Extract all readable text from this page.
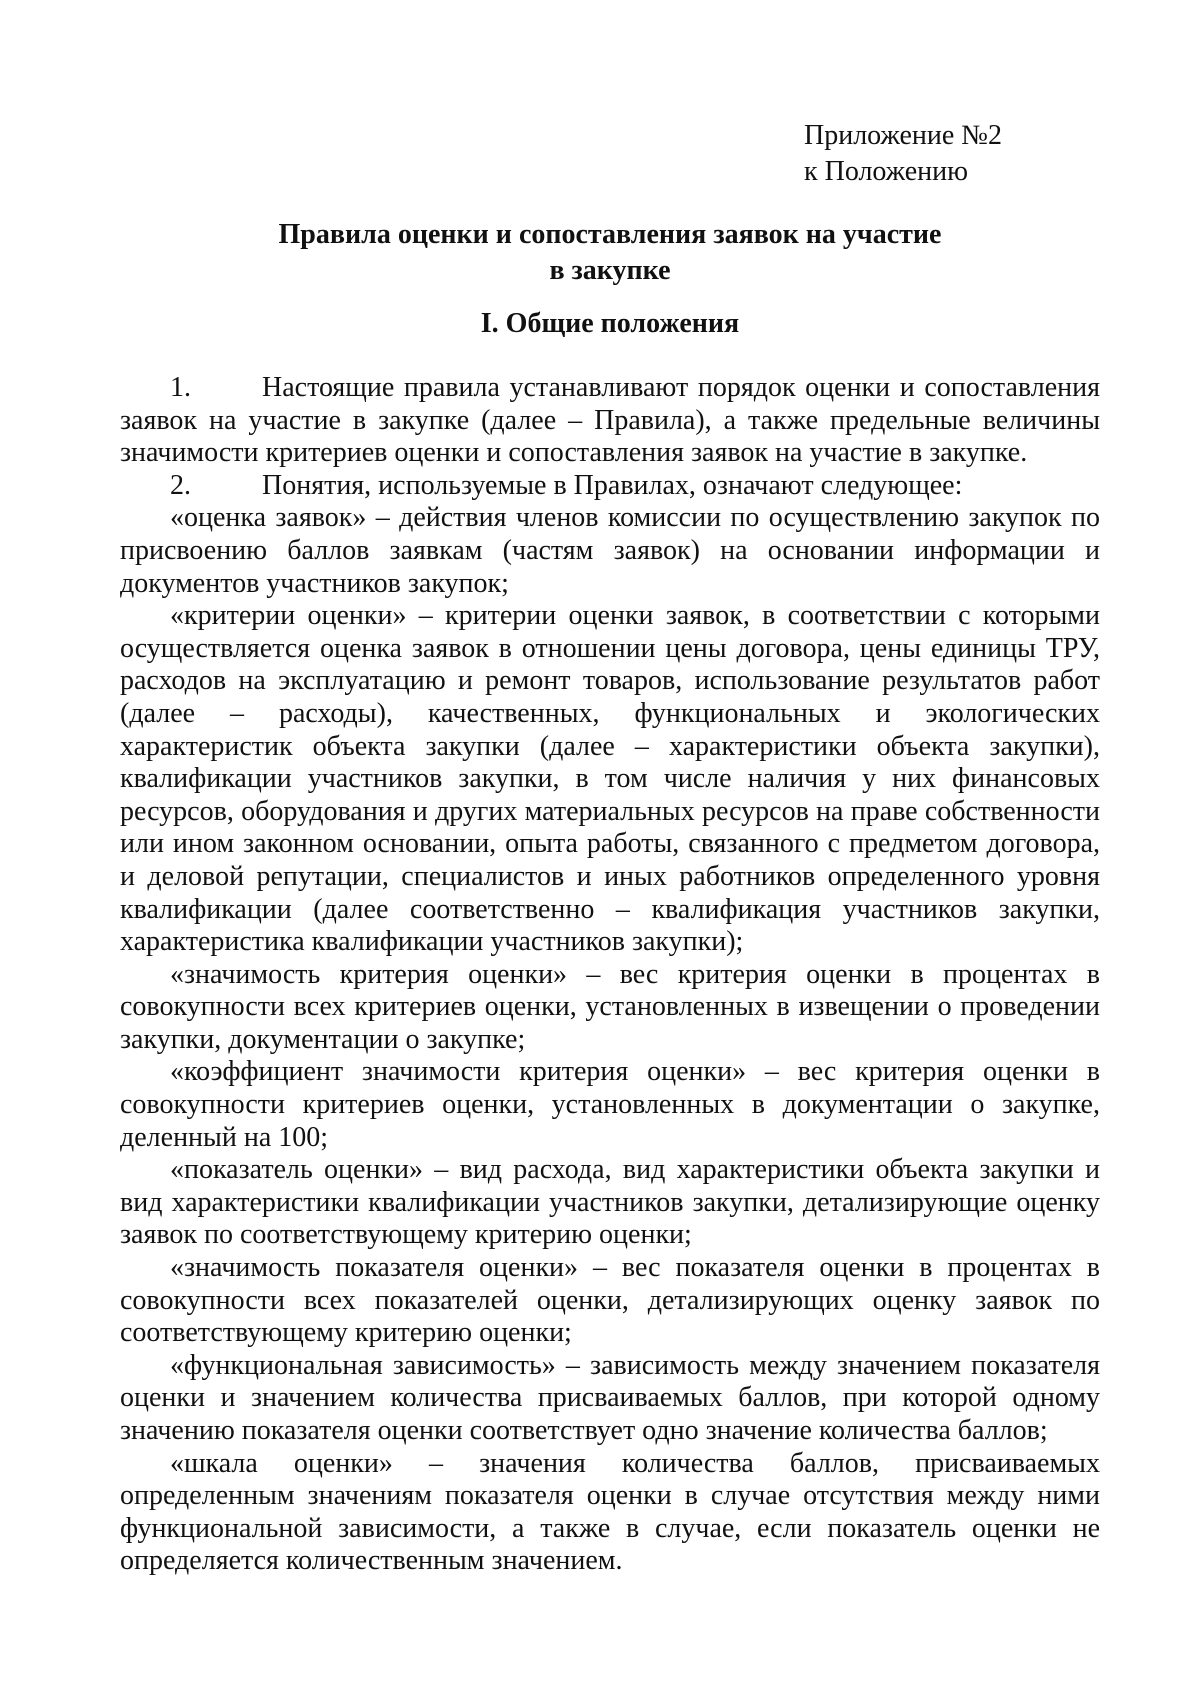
Приложение №2
к Положению
Правила оценки и сопоставления заявок на участие
в закупке
I. Общие положения

1.	Настоящие правила устанавливают порядок оценки и сопоставления заявок на участие в закупке (далее – Правила), а также предельные величины значимости критериев оценки и сопоставления заявок на участие в закупке.

2.	Понятия, используемые в Правилах, означают следующее:

«оценка заявок» – действия членов комиссии по осуществлению закупок по присвоению баллов заявкам (частям заявок) на основании информации и документов участников закупок;

«критерии оценки» – критерии оценки заявок, в соответствии с которыми осуществляется оценка заявок в отношении цены договора, цены единицы ТРУ, расходов на эксплуатацию и ремонт товаров, использование результатов работ (далее – расходы), качественных, функциональных и экологических характеристик объекта закупки (далее – характеристики объекта закупки), квалификации участников закупки, в том числе наличия у них финансовых ресурсов, оборудования и других материальных ресурсов на праве собственности или ином законном основании, опыта работы, связанного с предметом договора, и деловой репутации, специалистов и иных работников определенного уровня квалификации (далее соответственно – квалификация участников закупки, характеристика квалификации участников закупки);

«значимость критерия оценки» – вес критерия оценки в процентах в совокупности всех критериев оценки, установленных в извещении о проведении закупки, документации о закупке;

«коэффициент значимости критерия оценки» – вес критерия оценки в совокупности критериев оценки, установленных в документации о закупке, деленный на 100;

«показатель оценки» – вид расхода, вид характеристики объекта закупки и вид характеристики квалификации участников закупки, детализирующие оценку заявок по соответствующему критерию оценки;

«значимость показателя оценки» – вес показателя оценки в процентах в совокупности всех показателей оценки, детализирующих оценку заявок по соответствующему критерию оценки;

«функциональная зависимость» – зависимость между значением показателя оценки и значением количества присваиваемых баллов, при которой одному значению показателя оценки соответствует одно значение количества баллов;

«шкала оценки» – значения количества баллов, присваиваемых определенным значениям показателя оценки в случае отсутствия между ними функциональной зависимости, а также в случае, если показатель оценки не определяется количественным значением.
